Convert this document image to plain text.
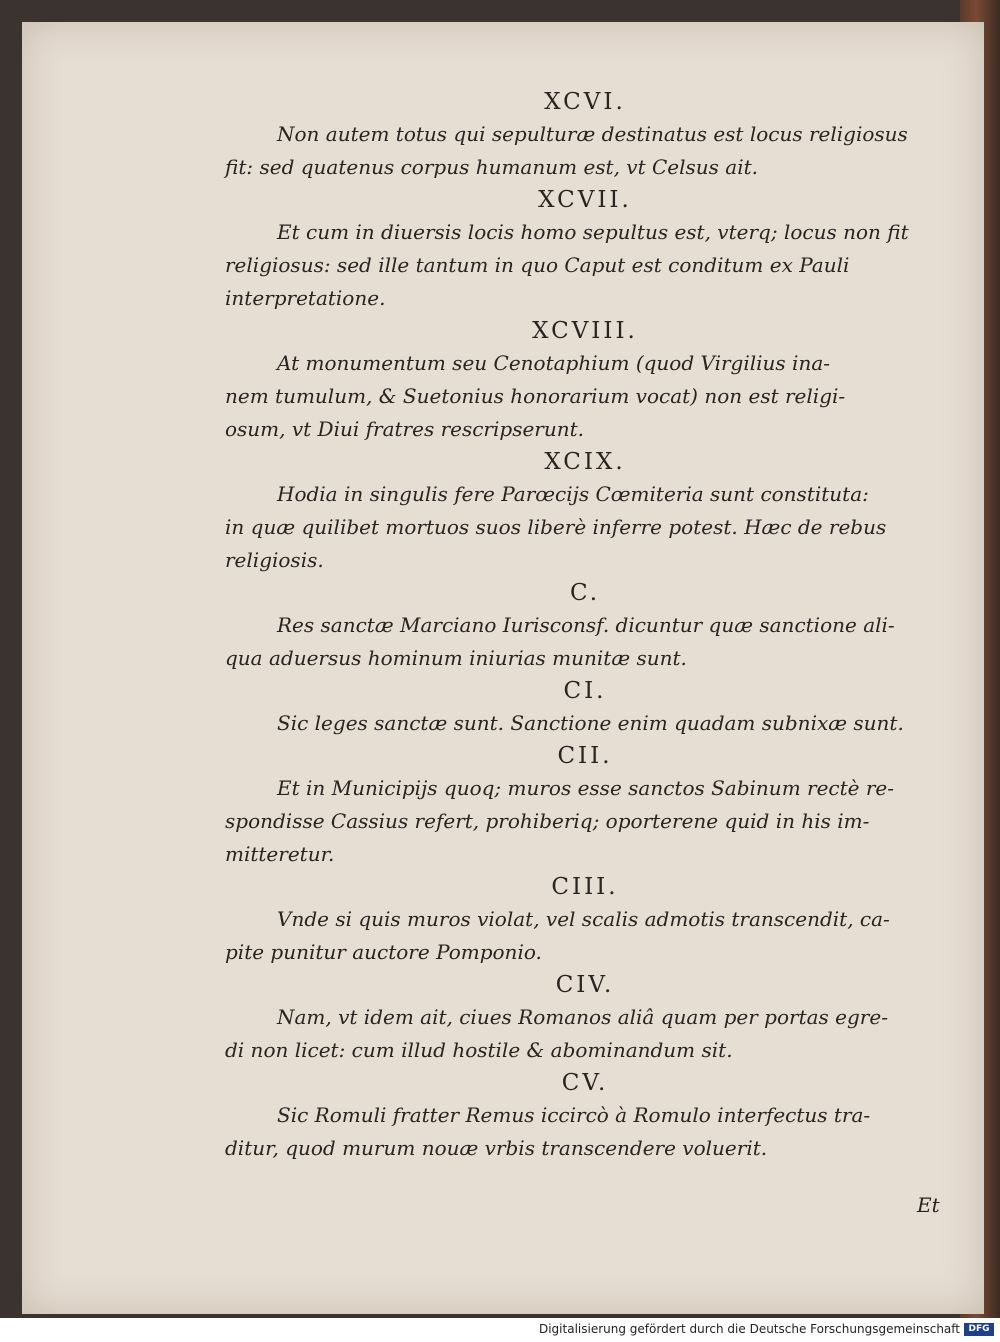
XCVI.
Non autem totus qui sepulturæ destinatus est locus religiosus
fit: sed quatenus corpus humanum est, vt Celsus ait.
XCVII.
Et cum in diuersis locis homo sepultus est, vterq; locus non fit
religiosus: sed ille tantum in quo Caput est conditum ex Pauli
interpretatione.
XCVIII.
At monumentum seu Cenotaphium (quod Virgilius ina-
nem tumulum, & Suetonius honorarium vocat) non est religi-
osum, vt Diui fratres rescripserunt.
XCIX.
Hodia in singulis fere Parœcijs Cœmiteria sunt constituta:
in quæ quilibet mortuos suos liberè inferre potest. Hæc de rebus
religiosis.
C.
Res sanctæ Marciano Iurisconsf. dicuntur quæ sanctione ali-
qua aduersus hominum iniurias munitæ sunt.
CI.
Sic leges sanctæ sunt. Sanctione enim quadam subnixæ sunt.
CII.
Et in Municipijs quoq; muros esse sanctos Sabinum rectè re-
spondisse Cassius refert, prohiberiq; oporterene quid in his im-
mitteretur.
CIII.
Vnde si quis muros violat, vel scalis admotis transcendit, ca-
pite punitur auctore Pomponio.
CIV.
Nam, vt idem ait, ciues Romanos aliâ quam per portas egre-
di non licet: cum illud hostile & abominandum sit.
CV.
Sic Romuli fratter Remus iccircò à Romulo interfectus tra-
ditur, quod murum nouæ vrbis transcendere voluerit.
Et
Digitalisierung gefördert durch die Deutsche Forschungsgemeinschaft DFG
